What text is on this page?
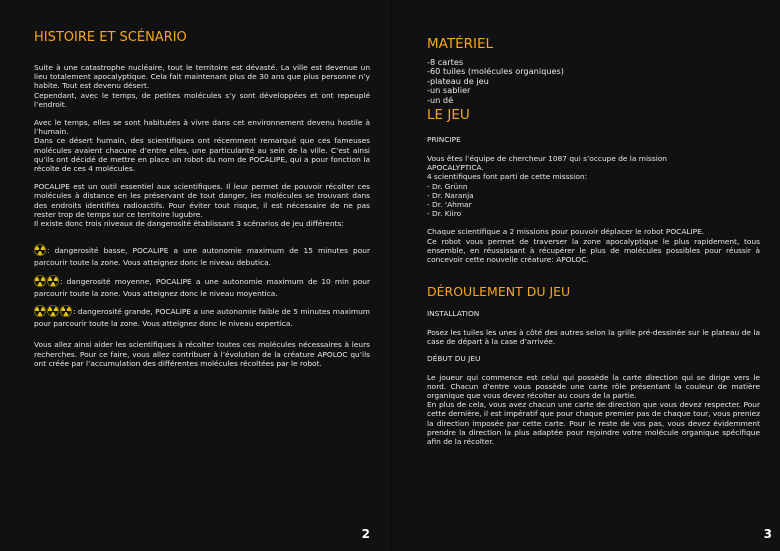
HISTOIRE ET SCÉNARIO

Suite à une catastrophe nucléaire, tout le territoire est dévasté. La ville est devenue un lieu totalement apocalyptique. Cela fait maintenant plus de 30 ans que plus personne n’y habite. Tout est devenu désert.

Cependant, avec le temps, de petites molécules s’y sont développées et ont repeuplé l’endroit.

Avec le temps, elles se sont habituées à vivre dans cet environnement devenu hostile à l’humain.

Dans ce désert humain, des scientifiques ont récemment remarqué que ces fameuses molécules avaient chacune d’entre elles, une particularité au sein de la ville. C’est ainsi qu’ils ont décidé de mettre en place un robot du nom de POCALIPE, qui a pour fonction la récolte de ces 4 molécules.

POCALIPE est un outil essentiel aux scientifiques. Il leur permet de pouvoir récolter ces molécules à distance en les préservant de tout danger, les molécules se trouvant dans des endroits identifiés radioactifs. Pour éviter tout risque, il est nécessaire de ne pas rester trop de temps sur ce territoire lugubre.

Il existe donc trois niveaux de dangerosité établissant 3 scénarios de jeu différents:

: dangerosité basse, POCALIPE a une autonomie maximum de 15 minutes pour parcourir toute la zone. Vous atteignez donc le niveau debutica.

: dangerosité moyenne, POCALIPE a une autonomie maximum de 10 min pour parcourir toute la zone. Vous atteignez donc le niveau moyentica.

: dangerosité grande, POCALIPE a une autonomie faible de 5 minutes maximum pour parcourir toute la zone. Vous atteignez donc le niveau expertica.

Vous allez ainsi aider les scientifiques à récolter toutes ces molécules nécessaires à leurs recherches. Pour ce faire, vous allez contribuer à l’évolution de la créature APOLOC qu’ils ont créée par l’accumulation des différentes molécules récoltées par le robot.

2
MATÉRIEL
-8 cartes
-60 tuiles (molécules organiques)
-plateau de jeu
-un sablier
-un dé
LE JEU
PRINCIPE
Vous êtes l’équipe de chercheur 1087 qui s’occupe de la mission
APOCALYPTICA.
4 scientifiques font parti de cette misssion:
- Dr. Grünn
- Dr. Naranja
- Dr. ‘Ahmar
- Dr. Kiiro

Chaque scientifique a 2 missions pour pouvoir déplacer le robot POCALIPE.

Ce robot vous permet de traverser la zone apocalyptique le plus rapidement, tous ensemble, en réussissant à récupérer le plus de molécules possibles pour réussir à concevoir cette nouvelle créature: APOLOC.

DÉROULEMENT DU JEU
INSTALLATION

Posez les tuiles les unes à côté des autres selon la grille pré-dessinée sur le plateau de la case de départ à la case d’arrivée.

DÉBUT DU JEU

Le joueur qui commence est celui qui possède la carte direction qui se dirige vers le nord. Chacun d’entre vous possède une carte rôle présentant la couleur de matière organique que vous devez récolter au cours de la partie.

En plus de cela, vous avez chacun une carte de direction que vous devez respecter. Pour cette dernière, il est impératif que pour chaque premier pas de chaque tour, vous preniez la direction imposée par cette carte. Pour le reste de vos pas, vous devez évidemment prendre la direction la plus adaptée pour rejoindre votre molécule organique spécifique afin de la récolter.

3
